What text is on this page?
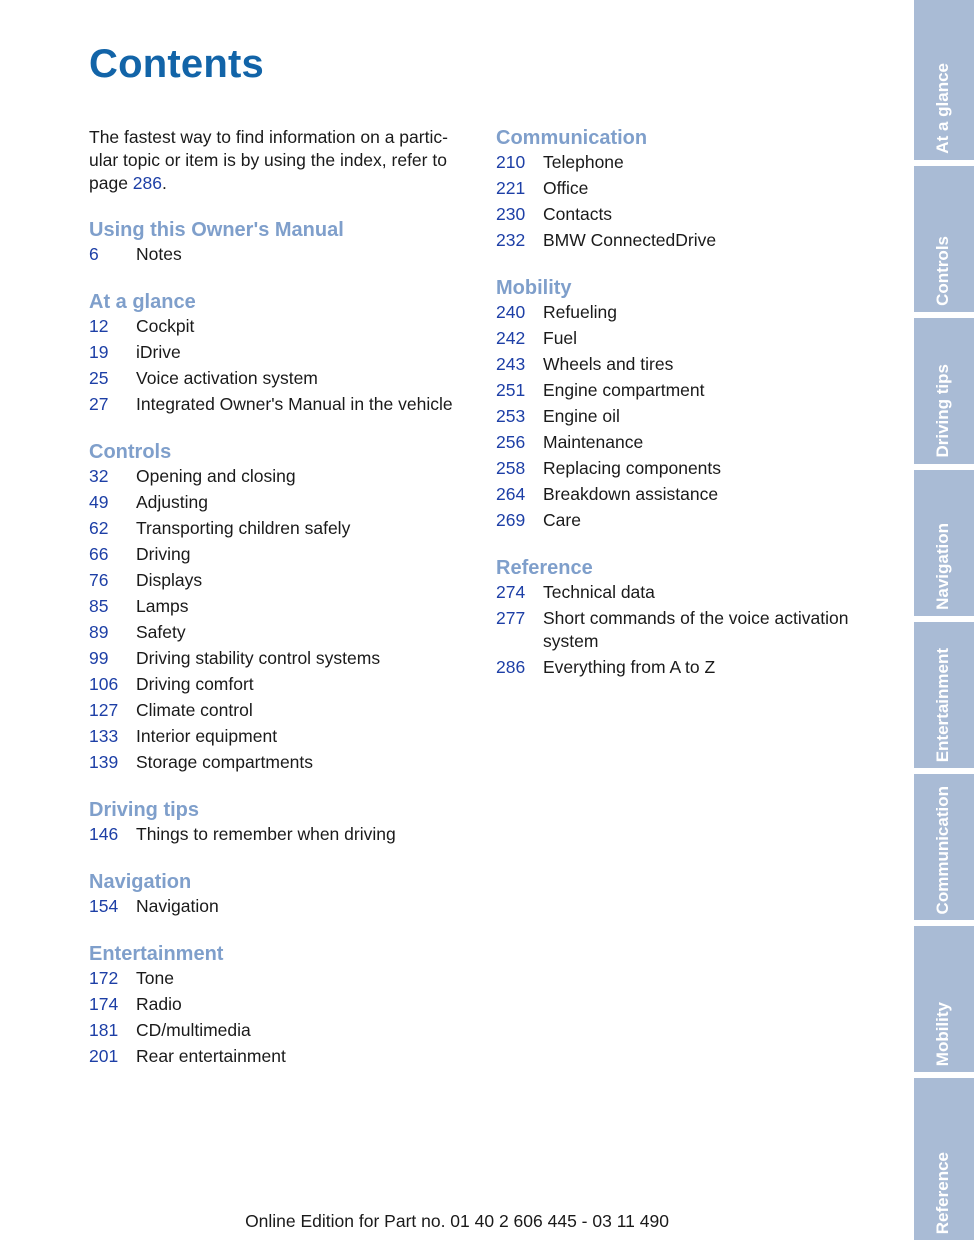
Contents
The fastest way to find information on a partic-ular topic or item is by using the index, refer to page 286.
Using this Owner's Manual
6	Notes
At a glance
12	Cockpit
19	iDrive
25	Voice activation system
27	Integrated Owner's Manual in the vehicle
Controls
32	Opening and closing
49	Adjusting
62	Transporting children safely
66	Driving
76	Displays
85	Lamps
89	Safety
99	Driving stability control systems
106	Driving comfort
127	Climate control
133	Interior equipment
139	Storage compartments
Driving tips
146	Things to remember when driving
Navigation
154	Navigation
Entertainment
172	Tone
174	Radio
181	CD/multimedia
201	Rear entertainment
Communication
210	Telephone
221	Office
230	Contacts
232	BMW ConnectedDrive
Mobility
240	Refueling
242	Fuel
243	Wheels and tires
251	Engine compartment
253	Engine oil
256	Maintenance
258	Replacing components
264	Breakdown assistance
269	Care
Reference
274	Technical data
277	Short commands of the voice activation system
286	Everything from A to Z
Online Edition for Part no. 01 40 2 606 445 - 03 11 490
At a glance
Controls
Driving tips
Navigation
Entertainment
Communication
Mobility
Reference
